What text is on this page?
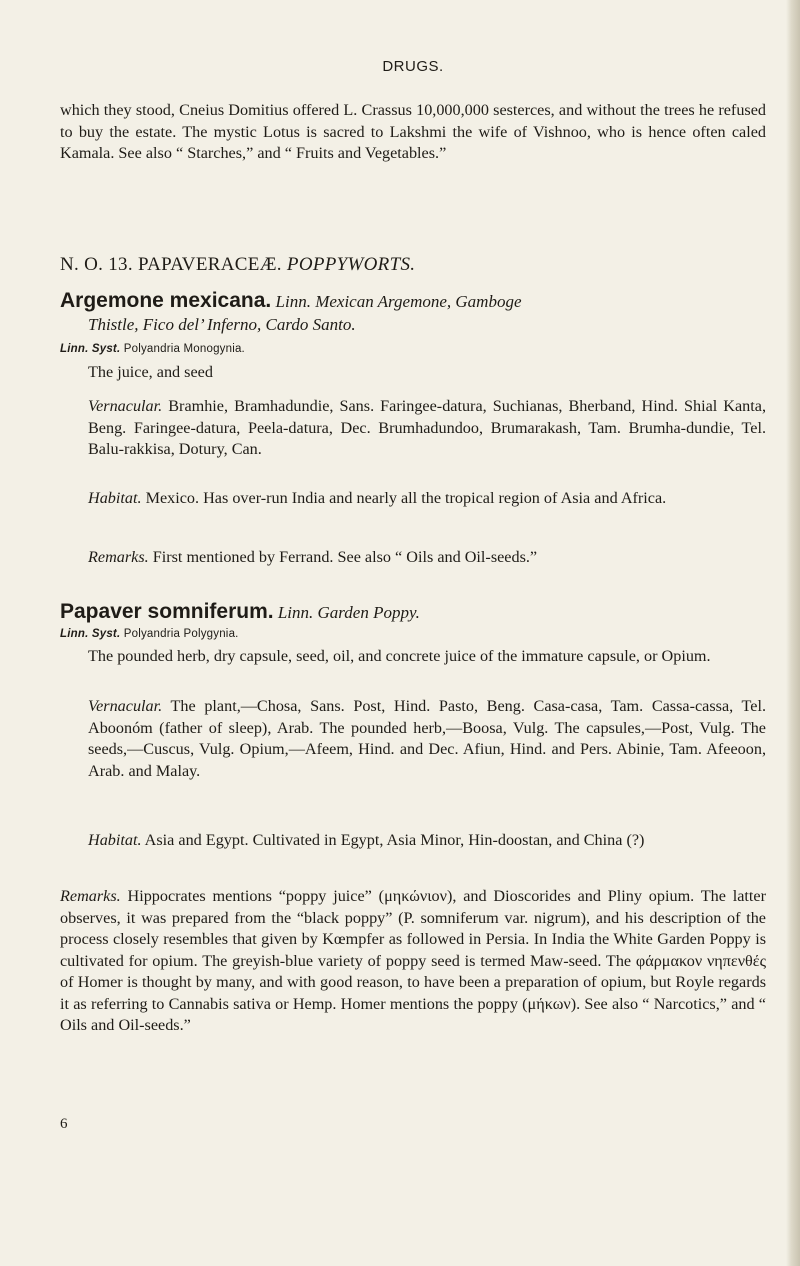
DRUGS.

which they stood, Cneius Domitius offered L. Crassus 10,000,000 sesterces, and without the trees he refused to buy the estate. The mystic Lotus is sacred to Lakshmi the wife of Vishnoo, who is hence often caled Kamala. See also “ Starches,” and “ Fruits and Vegetables.”

N. O. 13. PAPAVERACEÆ. POPPYWORTS.
Argemone mexicana. Linn. Mexican Argemone, Gamboge
Thistle, Fico del’ Inferno, Cardo Santo.
Linn. Syst. Polyandria Monogynia.

The juice, and seed

Vernacular. Bramhie, Bramhadundie, Sans. Faringee-datura, Suchianas, Bherband, Hind. Shial Kanta, Beng. Faringee-datura, Peela-datura, Dec. Brumhadundoo, Brumarakash, Tam. Brumha-dundie, Tel. Balu-rakkisa, Dotury, Can.

Habitat. Mexico. Has over-run India and nearly all the tropical region of Asia and Africa.

Remarks. First mentioned by Ferrand. See also “ Oils and Oil-seeds.”

Papaver somniferum. Linn. Garden Poppy.
Linn. Syst. Polyandria Polygynia.

The pounded herb, dry capsule, seed, oil, and concrete juice of the immature capsule, or Opium.

Vernacular. The plant,—Chosa, Sans. Post, Hind. Pasto, Beng. Casa-casa, Tam. Cassa-cassa, Tel. Aboonóm (father of sleep), Arab. The pounded herb,—Boosa, Vulg. The capsules,—Post, Vulg. The seeds,—Cuscus, Vulg. Opium,—Afeem, Hind. and Dec. Afiun, Hind. and Pers. Abinie, Tam. Afeeoon, Arab. and Malay.

Habitat. Asia and Egypt. Cultivated in Egypt, Asia Minor, Hin-doostan, and China (?)

Remarks. Hippocrates mentions “poppy juice” (μηκώνιον), and Dioscorides and Pliny opium. The latter observes, it was prepared from the “black poppy” (P. somniferum var. nigrum), and his description of the process closely resembles that given by Kœmpfer as followed in Persia. In India the White Garden Poppy is cultivated for opium. The greyish-blue variety of poppy seed is termed Maw-seed. The φάρμακον νηπενθές of Homer is thought by many, and with good reason, to have been a preparation of opium, but Royle regards it as referring to Cannabis sativa or Hemp. Homer mentions the poppy (μήκων). See also “ Narcotics,” and “ Oils and Oil-seeds.”

6
